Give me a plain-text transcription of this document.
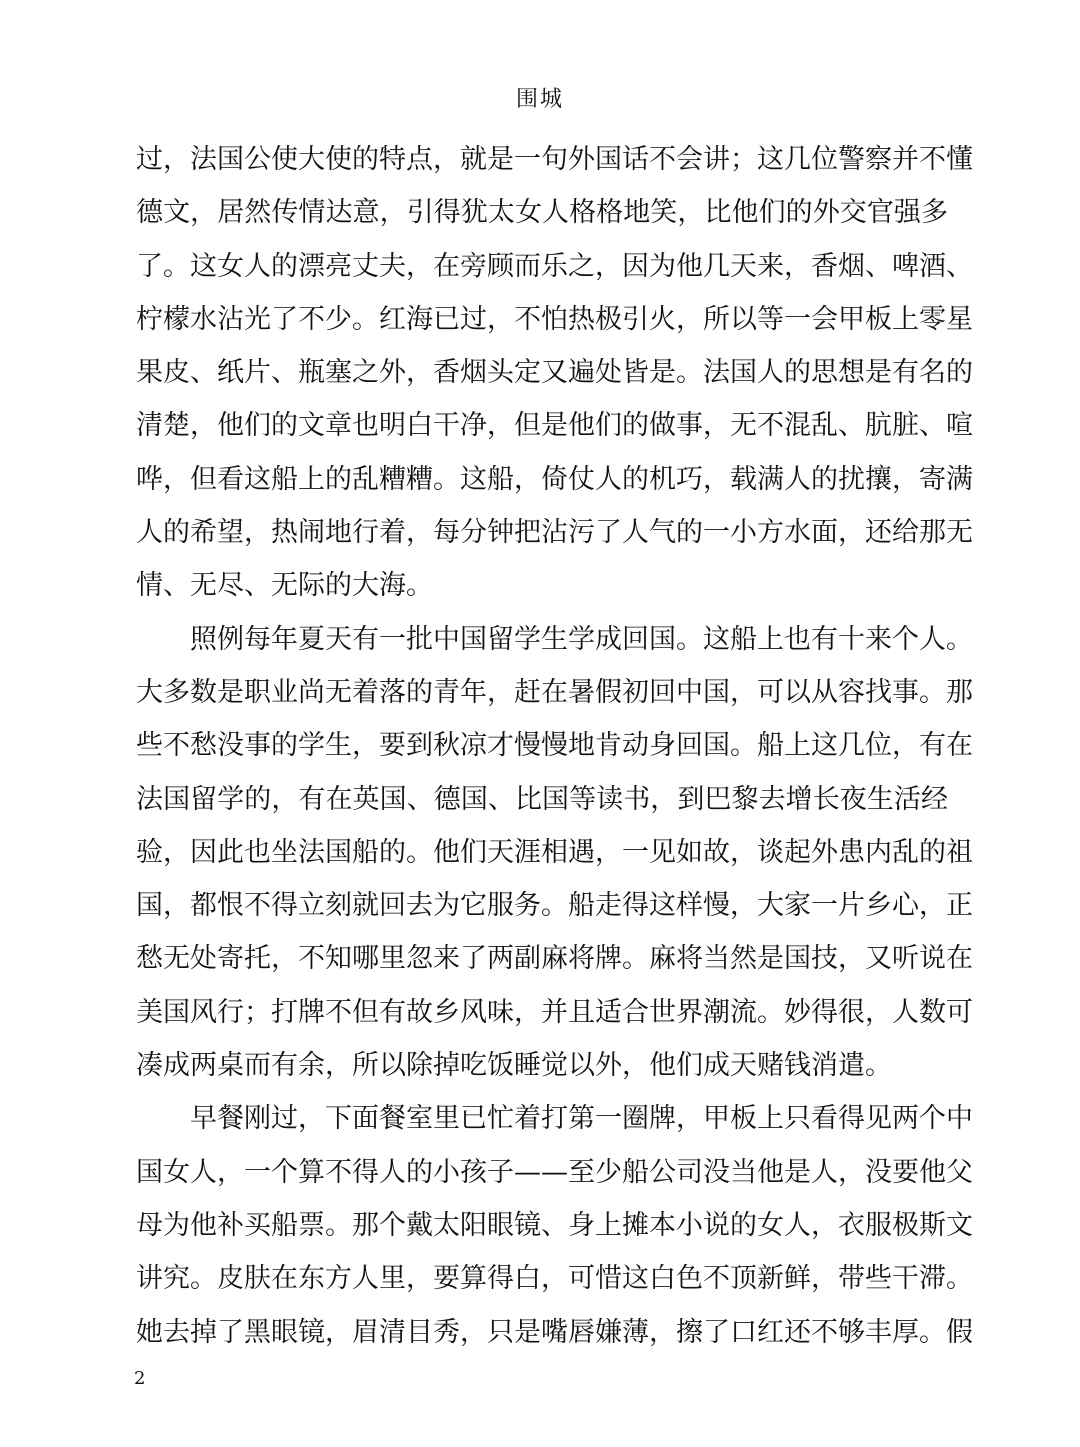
围城
过，法国公使大使的特点，就是一句外国话不会讲；这几位警察并不懂
德文，居然传情达意，引得犹太女人格格地笑，比他们的外交官强多
了。这女人的漂亮丈夫，在旁顾而乐之，因为他几天来，香烟、啤酒、
柠檬水沾光了不少。红海已过，不怕热极引火，所以等一会甲板上零星
果皮、纸片、瓶塞之外，香烟头定又遍处皆是。法国人的思想是有名的
清楚，他们的文章也明白干净，但是他们的做事，无不混乱、肮脏、喧
哗，但看这船上的乱糟糟。这船，倚仗人的机巧，载满人的扰攘，寄满
人的希望，热闹地行着，每分钟把沾污了人气的一小方水面，还给那无
情、无尽、无际的大海。
照例每年夏天有一批中国留学生学成回国。这船上也有十来个人。
大多数是职业尚无着落的青年，赶在暑假初回中国，可以从容找事。那
些不愁没事的学生，要到秋凉才慢慢地肯动身回国。船上这几位，有在
法国留学的，有在英国、德国、比国等读书，到巴黎去增长夜生活经
验，因此也坐法国船的。他们天涯相遇，一见如故，谈起外患内乱的祖
国，都恨不得立刻就回去为它服务。船走得这样慢，大家一片乡心，正
愁无处寄托，不知哪里忽来了两副麻将牌。麻将当然是国技，又听说在
美国风行；打牌不但有故乡风味，并且适合世界潮流。妙得很，人数可
凑成两桌而有余，所以除掉吃饭睡觉以外，他们成天赌钱消遣。
早餐刚过，下面餐室里已忙着打第一圈牌，甲板上只看得见两个中
国女人，一个算不得人的小孩子——至少船公司没当他是人，没要他父
母为他补买船票。那个戴太阳眼镜、身上摊本小说的女人，衣服极斯文
讲究。皮肤在东方人里，要算得白，可惜这白色不顶新鲜，带些干滞。
她去掉了黑眼镜，眉清目秀，只是嘴唇嫌薄，擦了口红还不够丰厚。假
2
